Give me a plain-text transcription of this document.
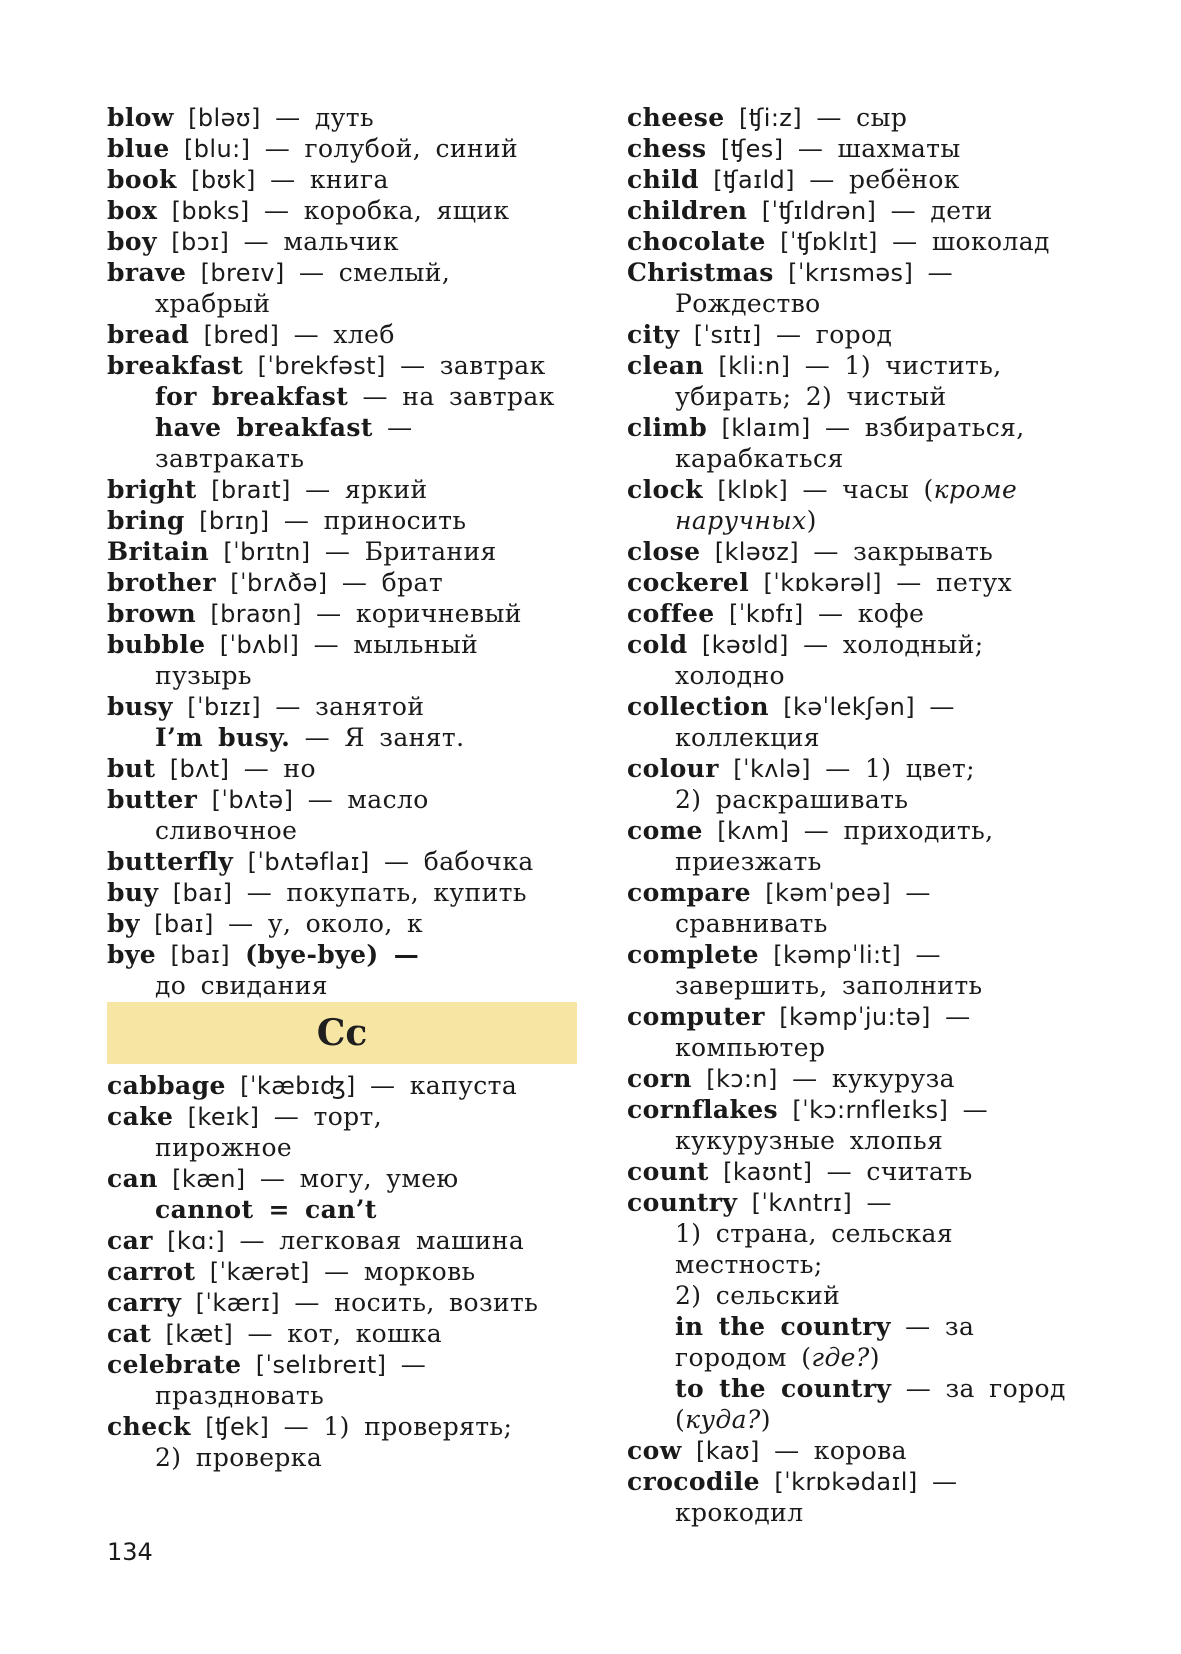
blow [bləʊ] — дуть
blue [blu:] — голубой, синий
book [bʊk] — книга
box [bɒks] — коробка, ящик
boy [bɔɪ] — мальчик
brave [breɪv] — смелый,
храбрый
bread [bred] — хлеб
breakfast [ˈbrekfəst] — завтрак
for breakfast — на завтрак
have breakfast —
завтракать
bright [braɪt] — яркий
bring [brɪŋ] — приносить
Britain [ˈbrɪtn] — Британия
brother [ˈbrʌðə] — брат
brown [braʊn] — коричневый
bubble [ˈbʌbl] — мыльный
пузырь
busy [ˈbɪzɪ] — занятой
I’m busy. — Я занят.
but [bʌt] — но
butter [ˈbʌtə] — масло
сливочное
butterfly [ˈbʌtəflaɪ] — бабочка
buy [baɪ] — покупать, купить
by [baɪ] — у, около, к
bye [baɪ] (bye-bye) —
до свидания
Cc
cabbage [ˈkæbɪʤ] — капуста
cake [keɪk] — торт,
пирожное
can [kæn] — могу, умею
cannot = can’t
car [kɑ:] — легковая машина
carrot [ˈkærət] — морковь
carry [ˈkærɪ] — носить, возить
cat [kæt] — кот, кошка
celebrate [ˈselɪbreɪt] —
праздновать
check [ʧek] — 1) проверять;
2) проверка
cheese [ʧi:z] — сыр
chess [ʧes] — шахматы
child [ʧaɪld] — ребёнок
children [ˈʧɪldrən] — дети
chocolate [ˈʧɒklɪt] — шоколад
Christmas [ˈkrɪsməs] —
Рождество
city [ˈsɪtɪ] — город
clean [kli:n] — 1) чистить,
убирать; 2) чистый
climb [klaɪm] — взбираться,
карабкаться
clock [klɒk] — часы (кроме
наручных)
close [kləʊz] — закрывать
cockerel [ˈkɒkərəl] — петух
coffee [ˈkɒfɪ] — кофе
cold [kəʊld] — холодный;
холодно
collection [kəˈlekʃən] —
коллекция
colour [ˈkʌlə] — 1) цвет;
2) раскрашивать
come [kʌm] — приходить,
приезжать
compare [kəmˈpeə] —
сравнивать
complete [kəmpˈli:t] —
завершить, заполнить
computer [kəmpˈju:tə] —
компьютер
corn [kɔ:n] — кукуруза
cornflakes [ˈkɔ:rnfleɪks] —
кукурузные хлопья
count [kaʊnt] — считать
country [ˈkʌntrɪ] —
1) страна, сельская
местность;
2) сельский
in the country — за
городом (где?)
to the country — за город
(куда?)
cow [kaʊ] — корова
crocodile [ˈkrɒkədaɪl] —
крокодил
134
